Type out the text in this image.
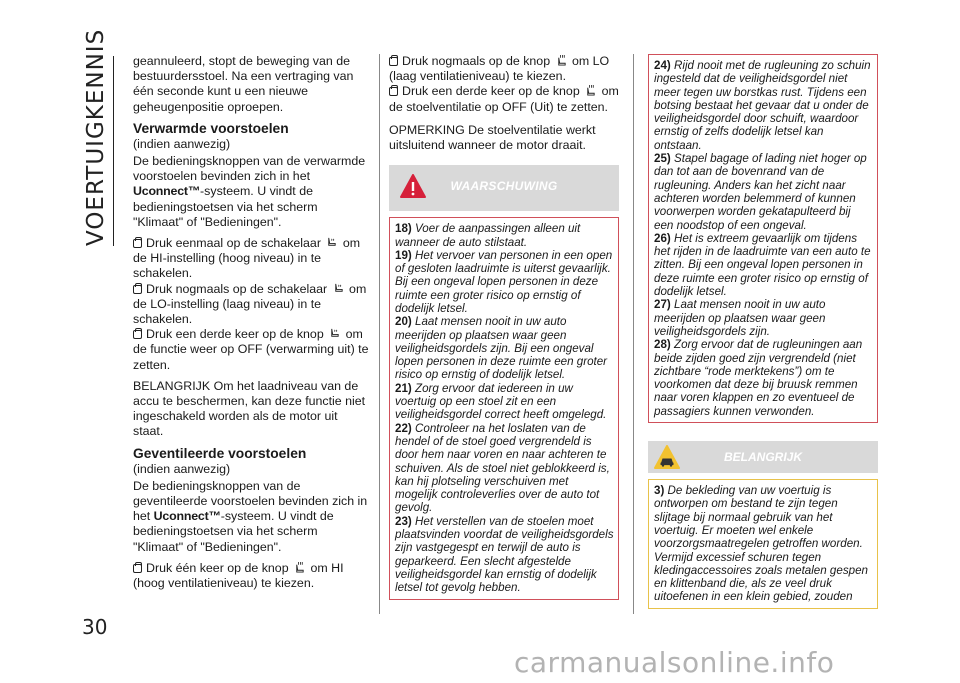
VOERTUIGKENNIS
30

geannuleerd, stopt de beweging van de bestuurdersstoel. Na een vertraging van één seconde kunt u een nieuwe geheugenpositie oproepen.

Verwarmde voorstoelen

(indien aanwezig)

De bedieningsknoppen van de verwarmde voorstoelen bevinden zich in het Uconnect™-systeem. U vindt de bedieningstoetsen via het scherm "Klimaat" of "Bedieningen".

Druk eenmaal op de schakelaar om de HI-instelling (hoog niveau) in te schakelen.
Druk nogmaals op de schakelaar om de LO-instelling (laag niveau) in te schakelen.
Druk een derde keer op de knop om de functie weer op OFF (verwarming uit) te zetten.

BELANGRIJK Om het laadniveau van de accu te beschermen, kan deze functie niet ingeschakeld worden als de motor uit staat.

Geventileerde voorstoelen

(indien aanwezig)

De bedieningsknoppen van de geventileerde voorstoelen bevinden zich in het Uconnect™-systeem. U vindt de bedieningstoetsen via het scherm "Klimaat" of "Bedieningen".

Druk één keer op de knop om HI (hoog ventilatieniveau) te kiezen.
Druk nogmaals op de knop om LO (laag ventilatieniveau) te kiezen.
Druk een derde keer op de knop om de stoelventilatie op OFF (Uit) te zetten.

OPMERKING De stoelventilatie werkt uitsluitend wanneer de motor draait.

WAARSCHUWING
18) Voer de aanpassingen alleen uit wanneer de auto stilstaat.
19) Het vervoer van personen in een open of gesloten laadruimte is uiterst gevaarlijk. Bij een ongeval lopen personen in deze ruimte een groter risico op ernstig of dodelijk letsel.
20) Laat mensen nooit in uw auto meerijden op plaatsen waar geen veiligheidsgordels zijn. Bij een ongeval lopen personen in deze ruimte een groter risico op ernstig of dodelijk letsel.
21) Zorg ervoor dat iedereen in uw voertuig op een stoel zit en een veiligheidsgordel correct heeft omgelegd.
22) Controleer na het loslaten van de hendel of de stoel goed vergrendeld is door hem naar voren en naar achteren te schuiven. Als de stoel niet geblokkeerd is, kan hij plotseling verschuiven met mogelijk controleverlies over de auto tot gevolg.
23) Het verstellen van de stoelen moet plaatsvinden voordat de veiligheidsgordels zijn vastgegespt en terwijl de auto is geparkeerd. Een slecht afgestelde veiligheidsgordel kan ernstig of dodelijk letsel tot gevolg hebben.
24) Rijd nooit met de rugleuning zo schuin ingesteld dat de veiligheidsgordel niet meer tegen uw borstkas rust. Tijdens een botsing bestaat het gevaar dat u onder de veiligheidsgordel door schuift, waardoor ernstig of zelfs dodelijk letsel kan ontstaan.
25) Stapel bagage of lading niet hoger op dan tot aan de bovenrand van de rugleuning. Anders kan het zicht naar achteren worden belemmerd of kunnen voorwerpen worden gekatapulteerd bij een noodstop of een ongeval.
26) Het is extreem gevaarlijk om tijdens het rijden in de laadruimte van een auto te zitten. Bij een ongeval lopen personen in deze ruimte een groter risico op ernstig of dodelijk letsel.
27) Laat mensen nooit in uw auto meerijden op plaatsen waar geen veiligheidsgordels zijn.
28) Zorg ervoor dat de rugleuningen aan beide zijden goed zijn vergrendeld (niet zichtbare “rode merktekens”) om te voorkomen dat deze bij bruusk remmen naar voren klappen en zo eventueel de passagiers kunnen verwonden.
BELANGRIJK
3) De bekleding van uw voertuig is ontworpen om bestand te zijn tegen slijtage bij normaal gebruik van het voertuig. Er moeten wel enkele voorzorgsmaatregelen getroffen worden. Vermijd excessief schuren tegen kledingaccessoires zoals metalen gespen en klittenband die, als ze veel druk uitoefenen in een klein gebied, zouden
carmanualsonline.info
